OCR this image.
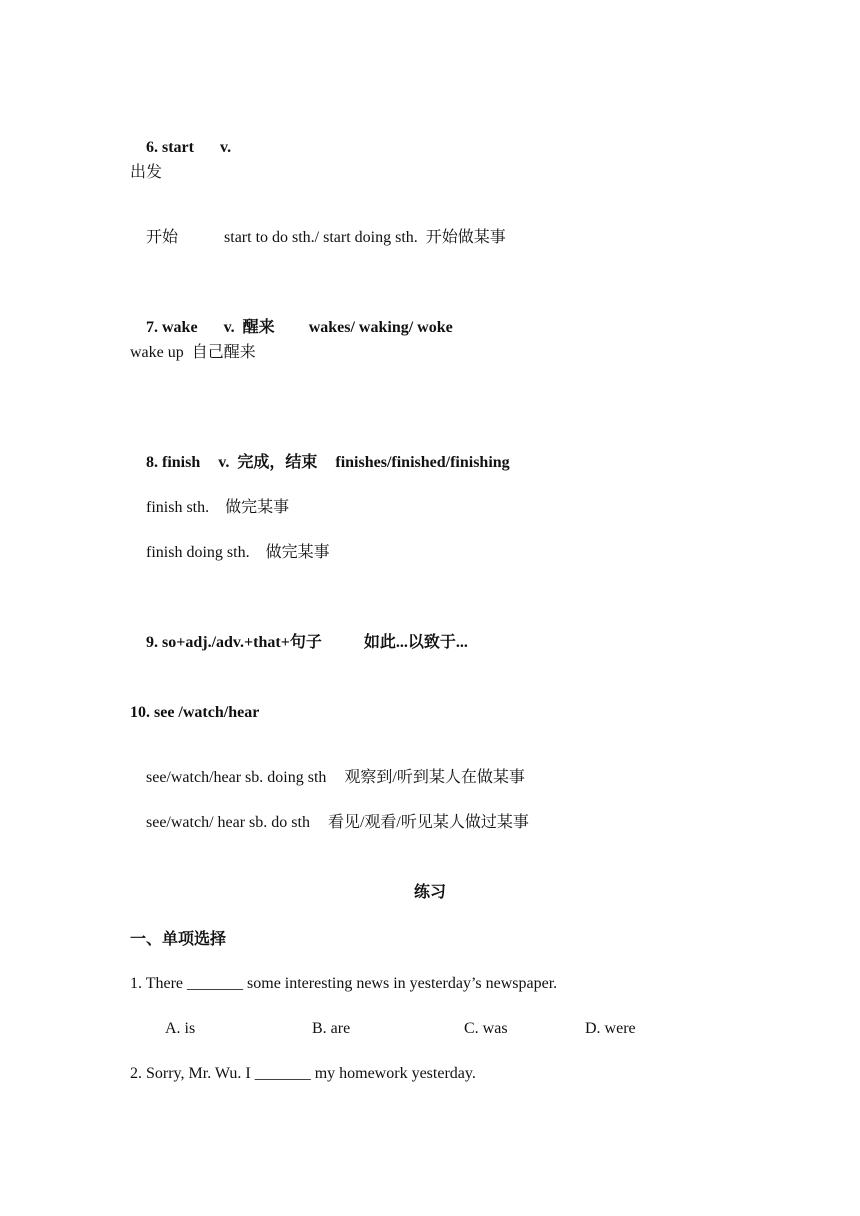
6. start v.

出发

开始	start to do sth./ start doing sth.  开始做某事

7. wake v.  醒来 wakes/ waking/ woke

wake up  自己醒来

8. finish v.  完成，结束 finishes/finished/finishing

finish sth. 做完某事

finish doing sth. 做完某事

9. so+adj./adv.+that+句子	如此...以致于...

10. see /watch/hear

see/watch/hear sb. doing sth 观察到/听到某人在做某事

see/watch/ hear sb. do sth 看见/观看/听见某人做过某事

练习
一、单项选择
1. There _______ some interesting news in yesterday’s newspaper.
A. is	B. are	C. was	D. were
2. Sorry, Mr. Wu. I _______ my homework yesterday.
